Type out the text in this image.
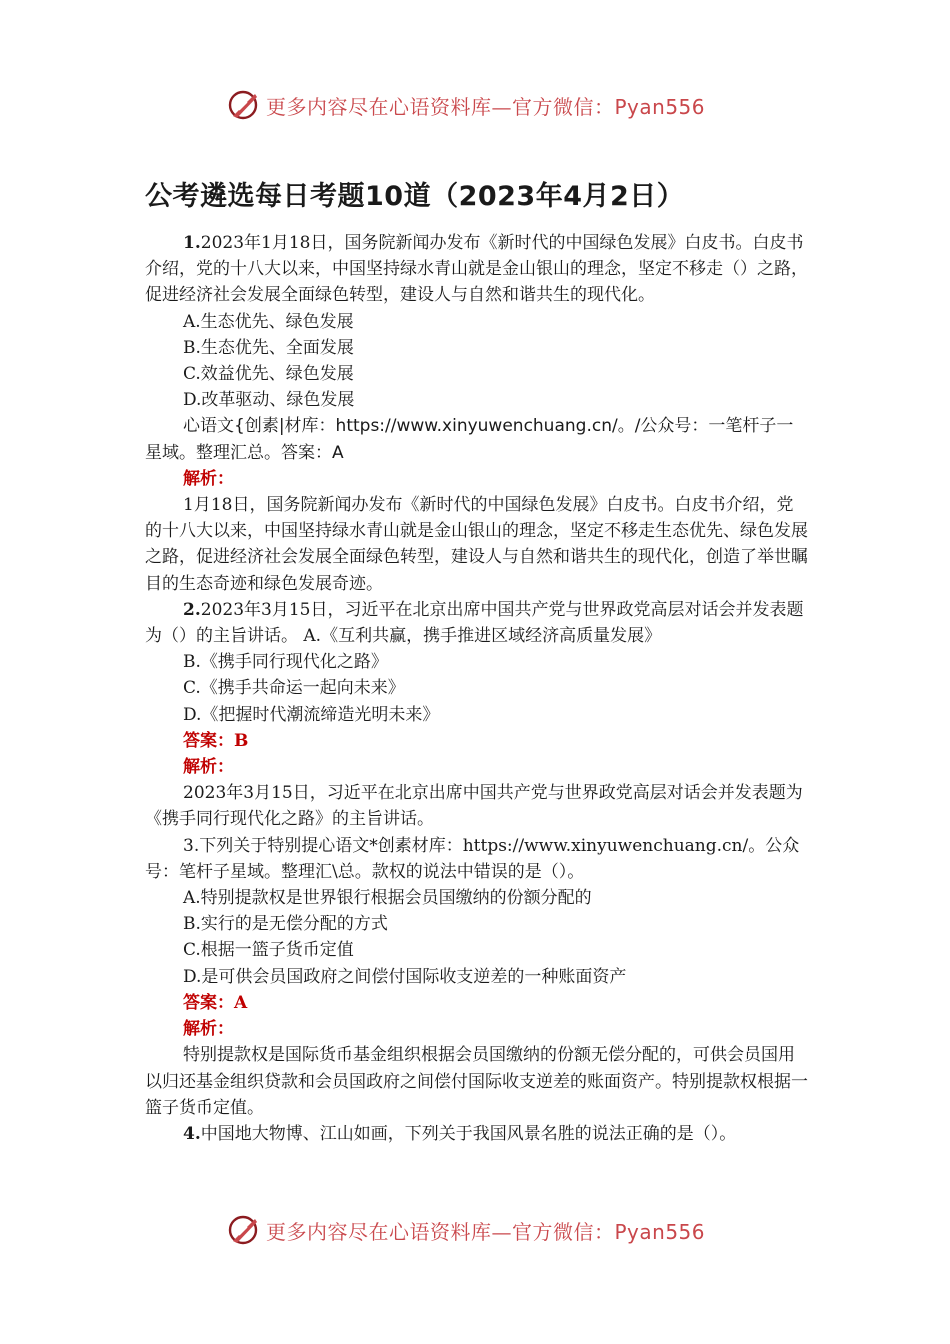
更多内容尽在心语资料库—官方微信：Pyan556
公考遴选每日考题10道（2023年4月2日）

1.2023年1月18日，国务院新闻办发布《新时代的中国绿色发展》白皮书。白皮书介绍，党的十八大以来，中国坚持绿水青山就是金山银山的理念，坚定不移走（）之路，促进经济社会发展全面绿色转型，建设人与自然和谐共生的现代化。

A.生态优先、绿色发展

B.生态优先、全面发展

C.效益优先、绿色发展

D.改革驱动、绿色发展

心语文{创素|材库：https://www.xinyuwenchuang.cn/。/公众号：一笔杆子一星域。整理汇总。答案：A

解析：

1月18日，国务院新闻办发布《新时代的中国绿色发展》白皮书。白皮书介绍，党的十八大以来，中国坚持绿水青山就是金山银山的理念，坚定不移走生态优先、绿色发展之路，促进经济社会发展全面绿色转型，建设人与自然和谐共生的现代化，创造了举世瞩目的生态奇迹和绿色发展奇迹。

2.2023年3月15日，习近平在北京出席中国共产党与世界政党高层对话会并发表题为（）的主旨讲话。 A.《互利共赢，携手推进区域经济高质量发展》

B.《携手同行现代化之路》

C.《携手共命运一起向未来》

D.《把握时代潮流缔造光明未来》

答案：B

解析：

2023年3月15日，习近平在北京出席中国共产党与世界政党高层对话会并发表题为《携手同行现代化之路》的主旨讲话。

3.下列关于特别提心语文*创素材库：https://www.xinyuwenchuang.cn/。公众号：笔杆子星域。整理汇\总。款权的说法中错误的是（）。

A.特别提款权是世界银行根据会员国缴纳的份额分配的

B.实行的是无偿分配的方式

C.根据一篮子货币定值

D.是可供会员国政府之间偿付国际收支逆差的一种账面资产

答案：A

解析：

特别提款权是国际货币基金组织根据会员国缴纳的份额无偿分配的，可供会员国用以归还基金组织贷款和会员国政府之间偿付国际收支逆差的账面资产。特别提款权根据一篮子货币定值。

4.中国地大物博、江山如画，下列关于我国风景名胜的说法正确的是（）。

更多内容尽在心语资料库—官方微信：Pyan556
